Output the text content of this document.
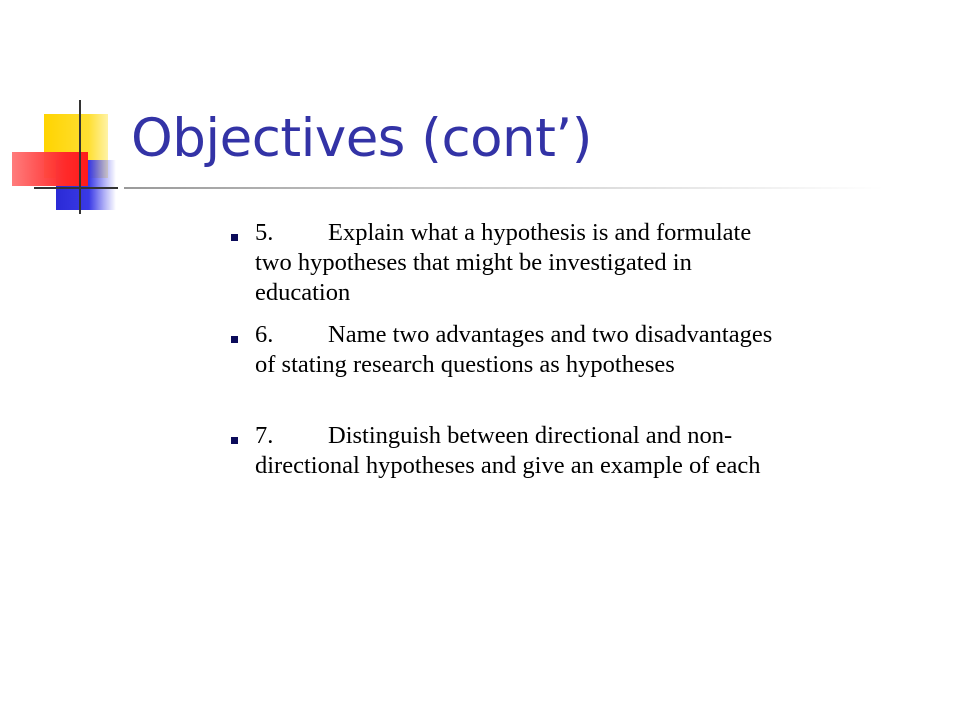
Objectives (cont’)
5. Explain what a hypothesis is and formulate
two hypotheses that might be investigated in
education
6. Name two advantages and two disadvantages
of stating research questions as hypotheses
7. Distinguish between directional and non-
directional hypotheses and give an example of each
